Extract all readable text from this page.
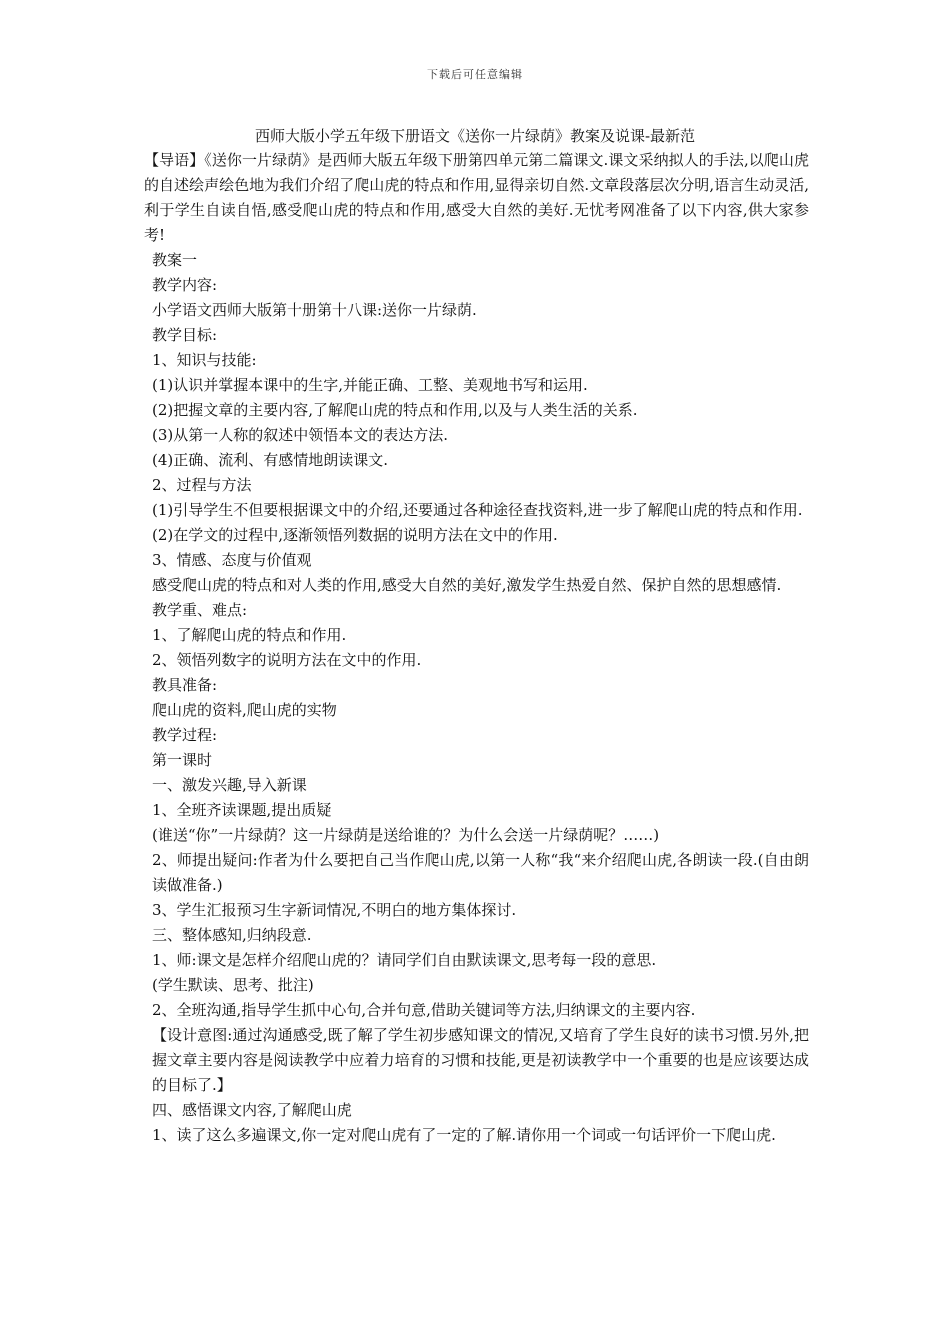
下载后可任意编辑
西师大版小学五年级下册语文《送你一片绿荫》教案及说课-最新范

【导语】《送你一片绿荫》是西师大版五年级下册第四单元第二篇课文.课文采纳拟人的手法,以爬山虎的自述绘声绘色地为我们介绍了爬山虎的特点和作用,显得亲切自然.文章段落层次分明,语言生动灵活,利于学生自读自悟,感受爬山虎的特点和作用,感受大自然的美好.无忧考网准备了以下内容,供大家参考!

教案一

教学内容:

小学语文西师大版第十册第十八课:送你一片绿荫.

教学目标:

1、知识与技能:

(1)认识并掌握本课中的生字,并能正确、工整、美观地书写和运用.

(2)把握文章的主要内容,了解爬山虎的特点和作用,以及与人类生活的关系.

(3)从第一人称的叙述中领悟本文的表达方法.

(4)正确、流利、有感情地朗读课文.

2、过程与方法

(1)引导学生不但要根据课文中的介绍,还要通过各种途径查找资料,进一步了解爬山虎的特点和作用.

(2)在学文的过程中,逐渐领悟列数据的说明方法在文中的作用.

3、情感、态度与价值观

感受爬山虎的特点和对人类的作用,感受大自然的美好,激发学生热爱自然、保护自然的思想感情.

教学重、难点:

1、了解爬山虎的特点和作用.

2、领悟列数字的说明方法在文中的作用.

教具准备:

爬山虎的资料,爬山虎的实物

教学过程:

第一课时

一、激发兴趣,导入新课

1、全班齐读课题,提出质疑

(谁送“你”一片绿荫？这一片绿荫是送给谁的？为什么会送一片绿荫呢？……)

2、师提出疑问:作者为什么要把自己当作爬山虎,以第一人称“我“来介绍爬山虎,各朗读一段.(自由朗读做准备.)

3、学生汇报预习生字新词情况,不明白的地方集体探讨.

三、整体感知,归纳段意.

1、师:课文是怎样介绍爬山虎的？请同学们自由默读课文,思考每一段的意思.

(学生默读、思考、批注)

2、全班沟通,指导学生抓中心句,合并句意,借助关键词等方法,归纳课文的主要内容.

【设计意图:通过沟通感受,既了解了学生初步感知课文的情况,又培育了学生良好的读书习惯.另外,把握文章主要内容是阅读教学中应着力培育的习惯和技能,更是初读教学中一个重要的也是应该要达成的目标了.】

四、感悟课文内容,了解爬山虎

1、读了这么多遍课文,你一定对爬山虎有了一定的了解.请你用一个词或一句话评价一下爬山虎.
